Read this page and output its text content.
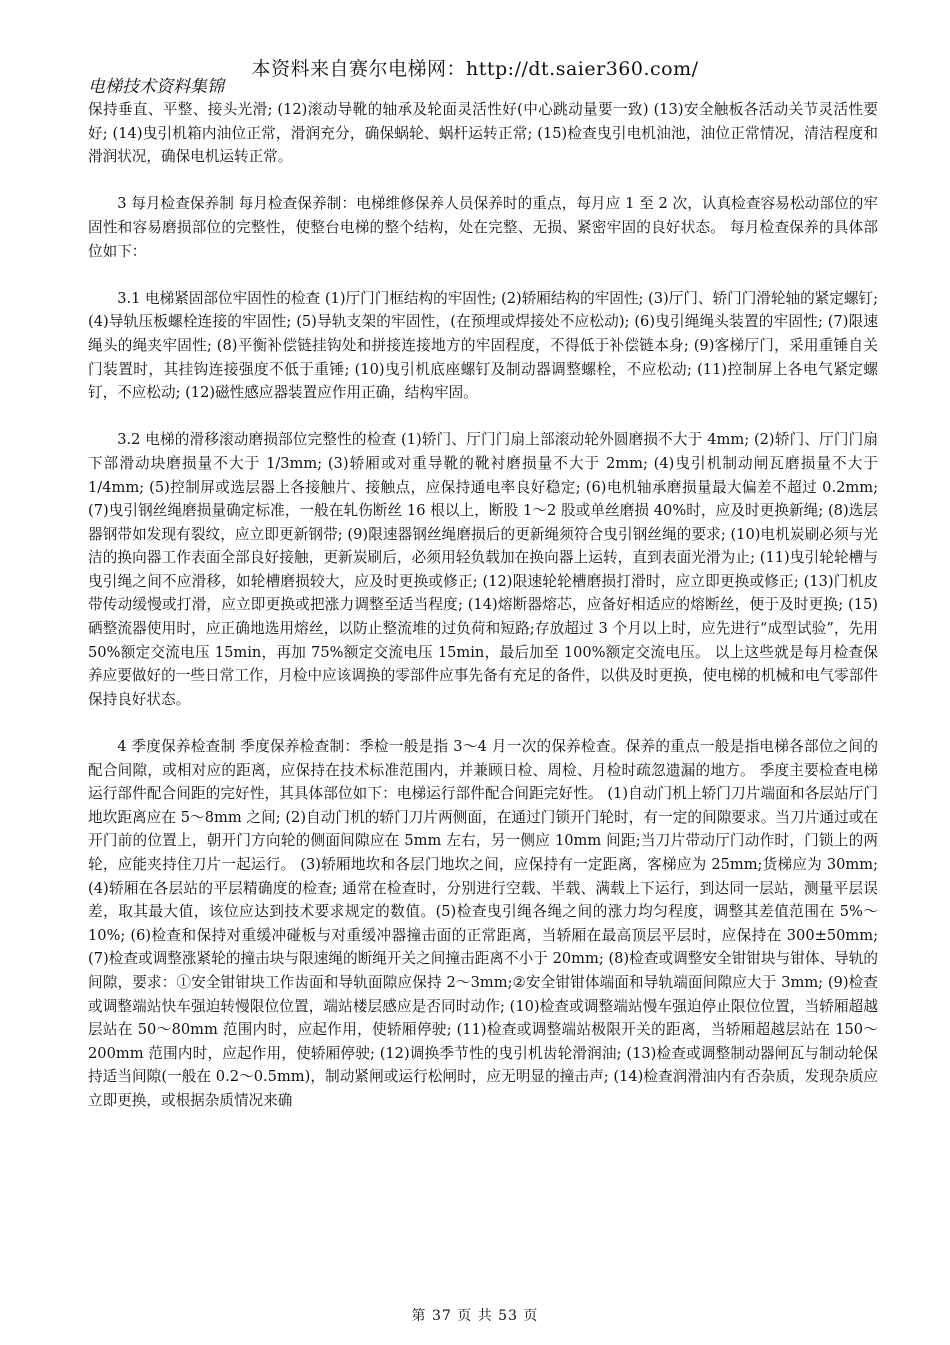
本资料来自赛尔电梯网：http://dt.saier360.com/
电梯技术资料集锦

保持垂直、平整、接头光滑; (12)滚动导靴的轴承及轮面灵活性好(中心跳动量要一致) (13)安全触板各活动关节灵活性要好; (14)曳引机箱内油位正常，滑润充分，确保蜗轮、蜗杆运转正常; (15)检查曳引电机油池，油位正常情况，清洁程度和滑润状况，确保电机运转正常。

3 每月检查保养制 每月检查保养制：电梯维修保养人员保养时的重点，每月应 1 至 2 次，认真检查容易松动部位的牢固性和容易磨损部位的完整性，使整台电梯的整个结构，处在完整、无损、紧密牢固的良好状态。 每月检查保养的具体部位如下：

3.1 电梯紧固部位牢固性的检查 (1)厅门门框结构的牢固性; (2)轿厢结构的牢固性; (3)厅门、轿门门滑轮轴的紧定螺钉; (4)导轨压板螺栓连接的牢固性; (5)导轨支架的牢固性，(在预埋或焊接处不应松动); (6)曳引绳绳头装置的牢固性; (7)限速绳头的绳夹牢固性; (8)平衡补偿链挂钩处和拼接连接地方的牢固程度，不得低于补偿链本身; (9)客梯厅门，采用重锤自关门装置时，其挂钩连接强度不低于重锤; (10)曳引机底座螺钉及制动器调整螺栓，不应松动; (11)控制屏上各电气紧定螺钉，不应松动; (12)磁性感应器装置应作用正确，结构牢固。

3.2 电梯的滑移滚动磨损部位完整性的检查 (1)轿门、厅门门扇上部滚动轮外圆磨损不大于 4mm; (2)轿门、厅门门扇下部滑动块磨损量不大于 1/3mm; (3)轿厢或对重导靴的靴衬磨损量不大于 2mm; (4)曳引机制动闸瓦磨损量不大于 1/4mm; (5)控制屏或选层器上各接触片、接触点，应保持通电率良好稳定; (6)电机轴承磨损量最大偏差不超过 0.2mm; (7)曳引钢丝绳磨损量确定标准，一般在轧伤断丝 16 根以上，断股 1～2 股或单丝磨损 40%时，应及时更换新绳; (8)选层器钢带如发现有裂纹，应立即更新钢带; (9)限速器钢丝绳磨损后的更新绳须符合曳引钢丝绳的要求; (10)电机炭刷必须与光洁的换向器工作表面全部良好接触，更新炭刷后，必须用轻负载加在换向器上运转，直到表面光滑为止; (11)曳引轮轮槽与曳引绳之间不应滑移，如轮槽磨损较大，应及时更换或修正; (12)限速轮轮槽磨损打滑时，应立即更换或修正; (13)门机皮带传动缓慢或打滑，应立即更换或把涨力调整至适当程度; (14)熔断器熔芯，应备好相适应的熔断丝，便于及时更换; (15)硒整流器使用时，应正确地选用熔丝，以防止整流堆的过负荷和短路;存放超过 3 个月以上时，应先进行“成型试验”，先用 50%额定交流电压 15min，再加 75%额定交流电压 15min，最后加至 100%额定交流电压。 以上这些就是每月检查保养应要做好的一些日常工作，月检中应该调换的零部件应事先备有充足的备件，以供及时更换，使电梯的机械和电气零部件保持良好状态。

4 季度保养检查制 季度保养检查制：季检一般是指 3～4 月一次的保养检查。保养的重点一般是指电梯各部位之间的配合间隙，或相对应的距离，应保持在技术标准范围内，并兼顾日检、周检、月检时疏忽遗漏的地方。 季度主要检查电梯运行部件配合间距的完好性，其具体部位如下：电梯运行部件配合间距完好性。 (1)自动门机上轿门刀片端面和各层站厅门地坎距离应在 5～8mm 之间; (2)自动门机的轿门刀片两侧面，在通过门锁开门轮时，有一定的间隙要求。当刀片通过或在开门前的位置上，朝开门方向轮的侧面间隙应在 5mm 左右，另一侧应 10mm 间距;当刀片带动厅门动作时，门锁上的两轮，应能夹持住刀片一起运行。 (3)轿厢地坎和各层门地坎之间，应保持有一定距离，客梯应为 25mm;货梯应为 30mm; (4)轿厢在各层站的平层精确度的检查; 通常在检查时，分别进行空载、半载、满载上下运行，到达同一层站，测量平层误差，取其最大值，该位应达到技术要求规定的数值。(5)检查曳引绳各绳之间的涨力均匀程度，调整其差值范围在 5%～10%; (6)检查和保持对重缓冲碰板与对重缓冲器撞击面的正常距离，当轿厢在最高顶层平层时，应保持在 300±50mm; (7)检查或调整涨紧轮的撞击块与限速绳的断绳开关之间撞击距离不小于 20mm; (8)检查或调整安全钳钳块与钳体、导轨的间隙，要求：①安全钳钳块工作齿面和导轨面隙应保持 2～3mm;②安全钳钳体端面和导轨端面间隙应大于 3mm; (9)检查或调整端站快车强迫转慢限位位置，端站楼层感应是否同时动作; (10)检查或调整端站慢车强迫停止限位位置，当轿厢超越层站在 50～80mm 范围内时，应起作用，使轿厢停驶; (11)检查或调整端站极限开关的距离，当轿厢超越层站在 150～200mm 范围内时，应起作用，使轿厢停驶; (12)调换季节性的曳引机齿轮滑润油; (13)检查或调整制动器闸瓦与制动轮保持适当间隙(一般在 0.2～0.5mm)，制动紧闸或运行松闸时，应无明显的撞击声; (14)检查润滑油内有否杂质，发现杂质应立即更换，或根据杂质情况来确

第 37 页 共 53 页
